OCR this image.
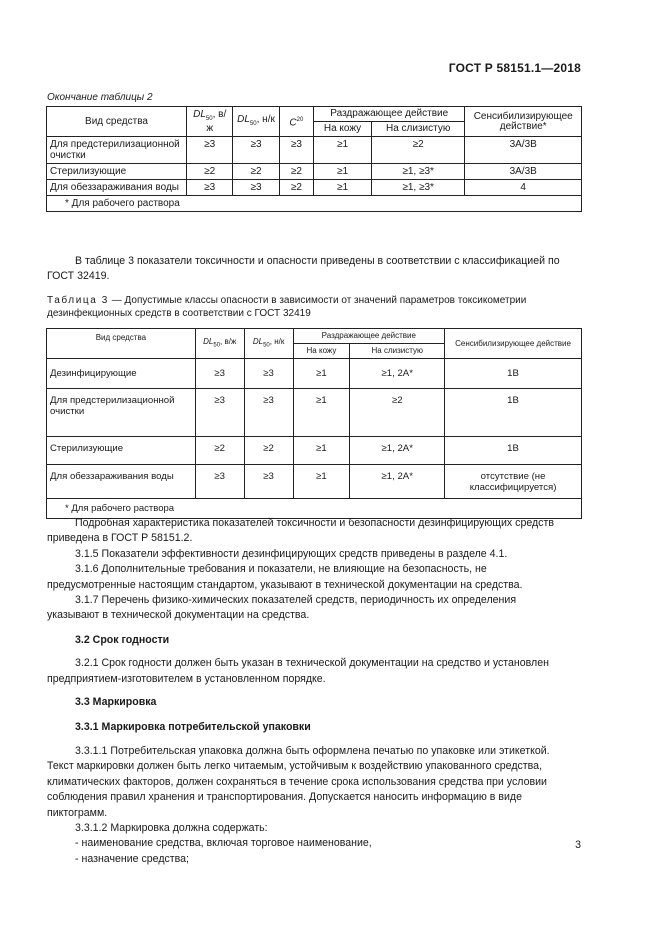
ГОСТ Р 58151.1—2018
Окончание таблицы 2
Вид средства	$DL_{50}$, в/ж	$DL_{50}$, н/к	$C^{20}$	Раздражающее действие		Сенсибилизирующее действие*
				На кожу	На слизистую	
Для предстерилизационной очистки	≥3	≥3	≥3	≥1	≥2	3А/3В
Стерилизующие	≥2	≥2	≥2	≥1	≥1, ≥3*	3А/3В
Для обеззараживания воды	≥3	≥3	≥2	≥1	≥1, ≥3*	4
* Для рабочего раствора						

В таблице 3 показатели токсичности и опасности приведены в соответствии с классификацией по

ГОСТ 32419.

Таблица 3 — Допустимые классы опасности в зависимости от значений параметров токсикометрии

дезинфекционных средств в соответствии с ГОСТ 32419

Вид средства	$DL_{50}$, в/ж	$DL_{50}$, н/к	Раздражающее действие		Сенсибилизирующее действие
			На кожу	На слизистую	
Дезинфицирующие	≥3	≥3	≥1	≥1, 2А*	1В
Для предстерилизационной очистки	≥3	≥3	≥1	≥2	1В
Стерилизующие	≥2	≥2	≥1	≥1, 2А*	1В
Для обеззараживания воды	≥3	≥3	≥1	≥1, 2А*	отсутствие (не классифицируется)
* Для рабочего раствора					

Подробная характеристика показателей токсичности и безопасности дезинфицирующих средств

приведена в ГОСТ Р 58151.2.

3.1.5 Показатели эффективности дезинфицирующих средств приведены в разделе 4.1.

3.1.6 Дополнительные требования и показатели, не влияющие на безопасность, не

предусмотренные настоящим стандартом, указывают в технической документации на средства.

3.1.7 Перечень физико-химических показателей средств, периодичность их определения

указывают в технической документации на средства.

3.2 Срок годности

3.2.1 Срок годности должен быть указан в технической документации на средство и установлен

предприятием-изготовителем в установленном порядке.

3.3 Маркировка

3.3.1 Маркировка потребительской упаковки

3.3.1.1 Потребительская упаковка должна быть оформлена печатью по упаковке или этикеткой.

Текст маркировки должен быть легко читаемым, устойчивым к воздействию упакованного средства,

климатических факторов, должен сохраняться в течение срока использования средства при условии

соблюдения правил хранения и транспортирования. Допускается наносить информацию в виде

пиктограмм.

3.3.1.2 Маркировка должна содержать:

- наименование средства, включая торговое наименование,

- назначение средства;

3
